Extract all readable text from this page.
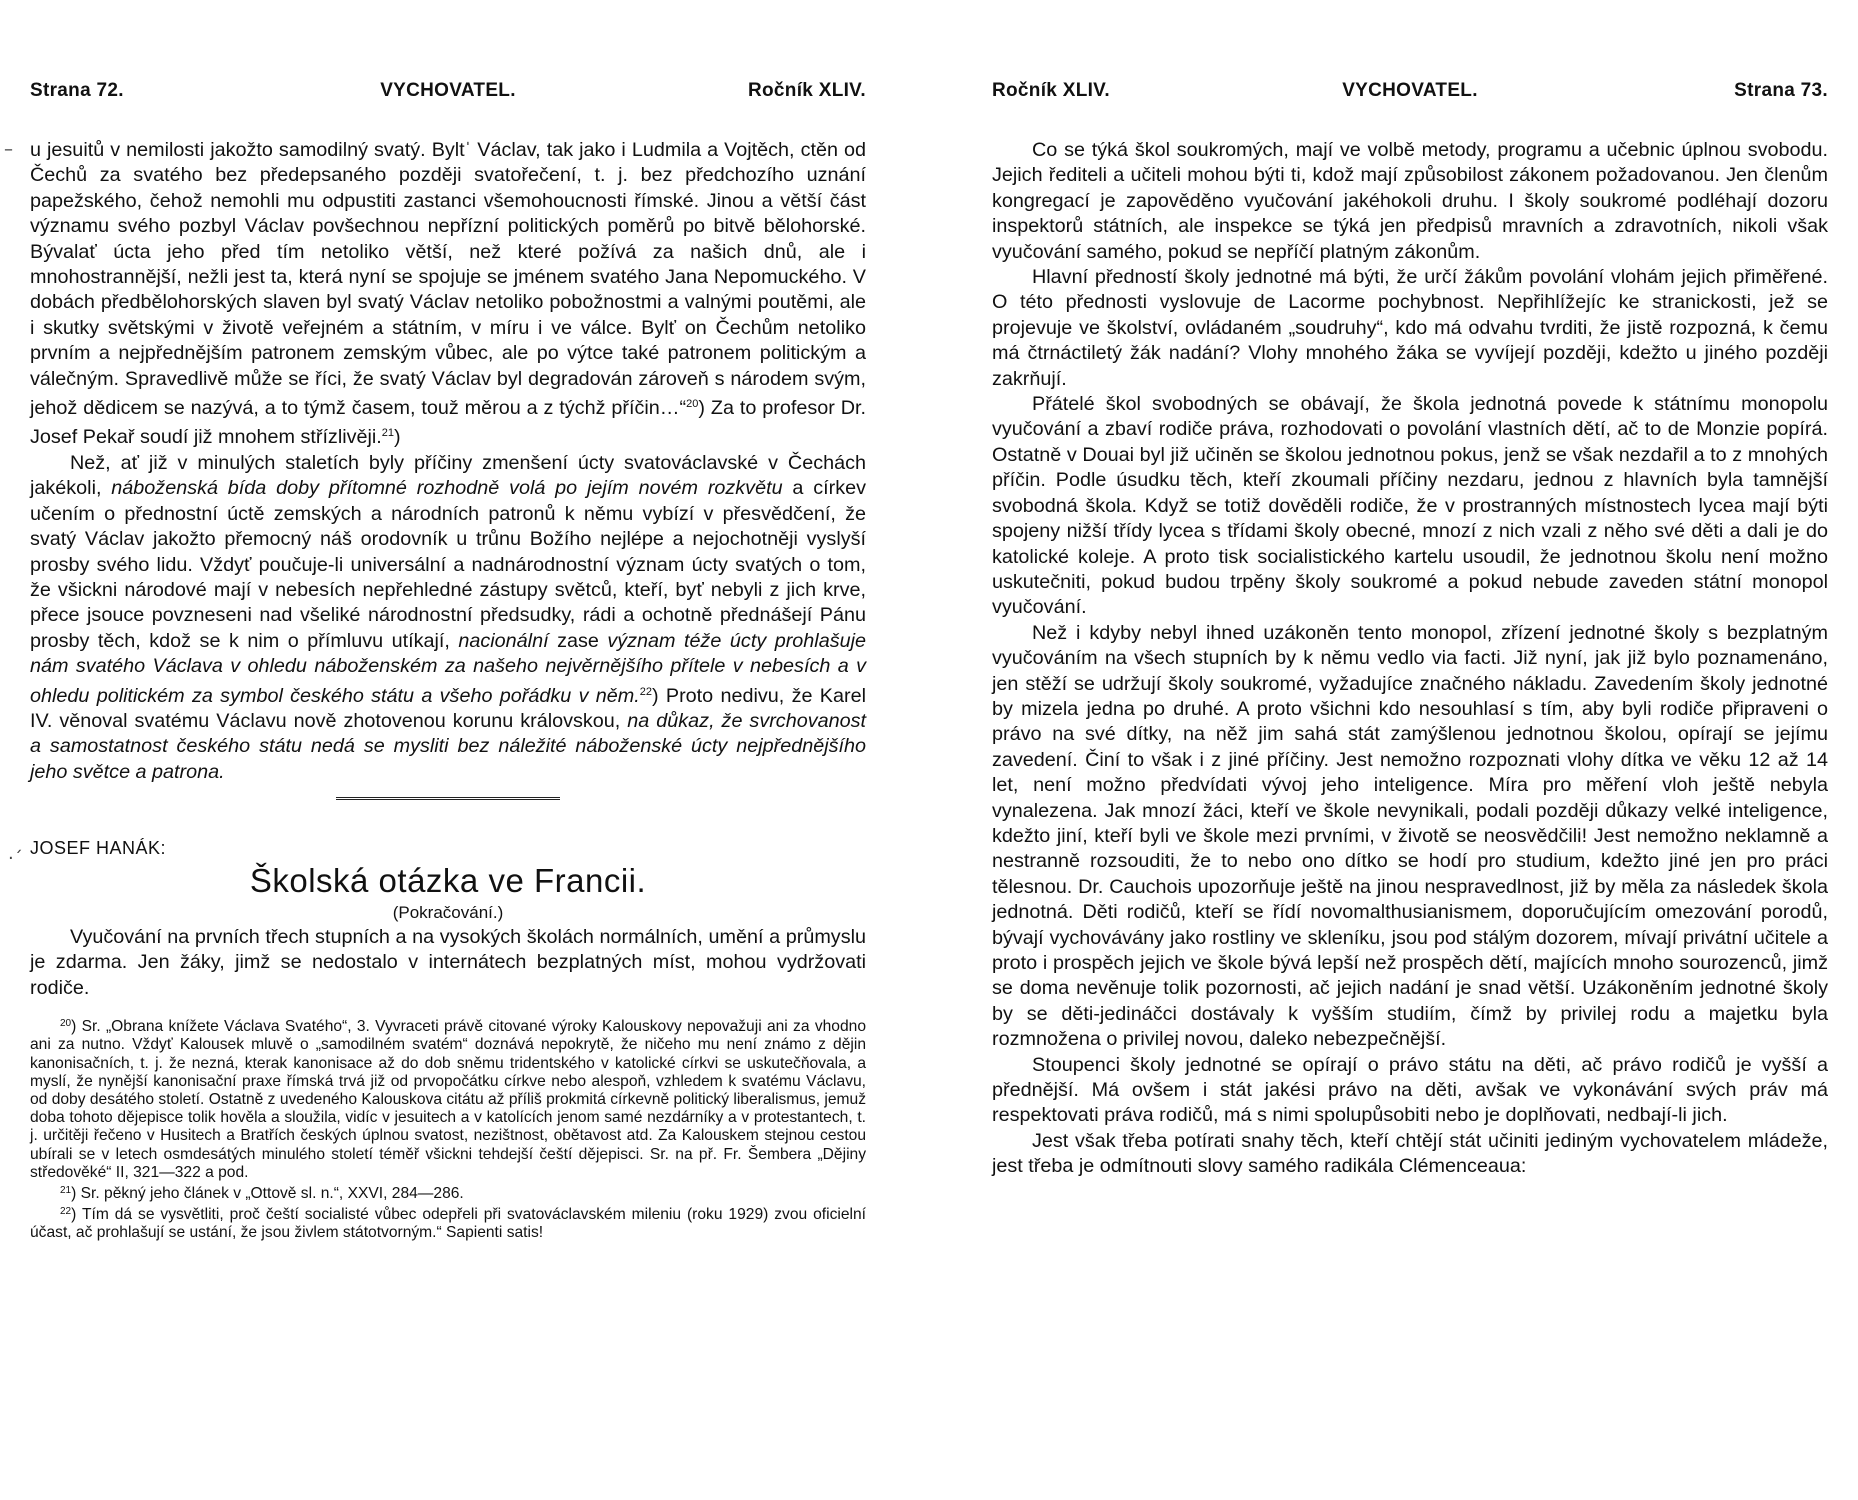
Strana 72.	VYCHOVATEL.	Ročník XLIV.
–
·´

u jesuitů v nemilosti jakožto samodilný svatý. Byltˈ Václav, tak jako i Ludmila a Vojtěch, ctěn od Čechů za svatého bez předepsaného později svatořečení, t. j. bez předchozího uznání papežského, čehož nemohli mu odpustiti zastanci všemohoucnosti římské. Jinou a větší část významu svého pozbyl Václav povšechnou nepřízní politických poměrů po bitvě bělohorské. Bývalať úcta jeho před tím netoliko větší, než které požívá za našich dnů, ale i mnohostrannější, nežli jest ta, která nyní se spojuje se jménem svatého Jana Nepomuckého. V dobách předbělohorských slaven byl svatý Václav netoliko pobožnostmi a valnými poutěmi, ale i skutky světskými v životě veřejném a státním, v míru i ve válce. Bylť on Čechům netoliko prvním a nejpřednějším patronem zemským vůbec, ale po výtce také patronem politickým a válečným. Spravedlivě může se říci, že svatý Václav byl degradován zároveň s národem svým, jehož dědicem se nazývá, a to týmž časem, touž měrou a z týchž příčin…“$^{20}$) Za to profesor Dr. Josef Pekař soudí již mnohem střízlivěji.$^{21}$)

Než, ať již v minulých staletích byly příčiny zmenšení úcty svatováclavské v Čechách jakékoli, náboženská bída doby přítomné rozhodně volá po jejím novém rozkvětu a církev učením o přednostní úctě zemských a národních patronů k němu vybízí v přesvědčení, že svatý Václav jakožto přemocný náš orodovník u trůnu Božího nejlépe a nejochotněji vyslyší prosby svého lidu. Vždyť poučuje-li universální a nadnárodnostní význam úcty svatých o tom, že všickni národové mají v nebesích nepřehledné zástupy světců, kteří, byť nebyli z jich krve, přece jsouce povzneseni nad všeliké národnostní předsudky, rádi a ochotně přednášejí Pánu prosby těch, kdož se k nim o přímluvu utíkají, nacionální zase význam téže úcty prohlašuje nám svatého Václava v ohledu náboženském za našeho nejvěrnějšího přítele v nebesích a v ohledu politickém za symbol českého státu a všeho pořádku v něm.$^{22}$) Proto nedivu, že Karel IV. věnoval svatému Václavu nově zhotovenou korunu královskou, na důkaz, že svrchovanost a samostatnost českého státu nedá se mysliti bez náležité náboženské úcty nejpřednějšího jeho světce a patrona.

JOSEF HANÁK:

Školská otázka ve Francii.

(Pokračování.)

Vyučování na prvních třech stupních a na vysokých školách normálních, umění a průmyslu je zdarma. Jen žáky, jimž se nedostalo v internátech bezplatných míst, mohou vydržovati rodiče.

$^{20}$) Sr. „Obrana knížete Václava Svatého“, 3. Vyvraceti právě citované výroky Kalouskovy nepovažuji ani za vhodno ani za nutno. Vždyť Kalousek mluvě o „samodilném svatém“ doznává nepokrytě, že ničeho mu není známo z dějin kanonisačních, t. j. že nezná, kterak kanonisace až do dob sněmu tridentského v katolické církvi se uskutečňovala, a myslí, že nynější kanonisační praxe římská trvá již od prvopočátku církve nebo alespoň, vzhledem k svatému Václavu, od doby desátého století. Ostatně z uvedeného Kalouskova citátu až příliš prokmitá církevně politický liberalismus, jemuž doba tohoto dějepisce tolik hověla a sloužila, vidíc v jesuitech a v katolících jenom samé nezdárníky a v protestantech, t. j. určitěji řečeno v Husitech a Bratřích českých úplnou svatost, nezištnost, obětavost atd. Za Kalouskem stejnou cestou ubírali se v letech osmdesátých minulého století téměř všickni tehdejší čeští dějepisci. Sr. na př. Fr. Šembera „Dějiny středověké“ II, 321—322 a pod.

$^{21}$) Sr. pěkný jeho článek v „Ottově sl. n.“, XXVI, 284—286.

$^{22}$) Tím dá se vysvětliti, proč čeští socialisté vůbec odepřeli při svatováclavském mileniu (roku 1929) zvou oficielní účast, ač prohlašují se ustání, že jsou živlem státotvorným.“ Sapienti satis!

Ročník XLIV.	VYCHOVATEL.	Strana 73.

Co se týká škol soukromých, mají ve volbě metody, programu a učebnic úplnou svobodu. Jejich řediteli a učiteli mohou býti ti, kdož mají způsobilost zákonem požadovanou. Jen členům kongregací je zapověděno vyučování jakéhokoli druhu. I školy soukromé podléhají dozoru inspektorů státních, ale inspekce se týká jen předpisů mravních a zdravotních, nikoli však vyučování samého, pokud se nepříčí platným zákonům.

Hlavní předností školy jednotné má býti, že určí žákům povolání vlohám jejich přiměřené. O této přednosti vyslovuje de Lacorme pochybnost. Nepřihlížejíc ke stranickosti, jež se projevuje ve školství, ovládaném „soudruhy“, kdo má odvahu tvrditi, že jistě rozpozná, k čemu má čtrnáctiletý žák nadání? Vlohy mnohého žáka se vyvíjejí později, kdežto u jiného později zakrňují.

Přátelé škol svobodných se obávají, že škola jednotná povede k státnímu monopolu vyučování a zbaví rodiče práva, rozhodovati o povolání vlastních dětí, ač to de Monzie popírá. Ostatně v Douai byl již učiněn se školou jednotnou pokus, jenž se však nezdařil a to z mnohých příčin. Podle úsudku těch, kteří zkoumali příčiny nezdaru, jednou z hlavních byla tamnější svobodná škola. Když se totiž dověděli rodiče, že v prostranných místnostech lycea mají býti spojeny nižší třídy lycea s třídami školy obecné, mnozí z nich vzali z něho své děti a dali je do katolické koleje. A proto tisk socialistického kartelu usoudil, že jednotnou školu není možno uskutečniti, pokud budou trpěny školy soukromé a pokud nebude zaveden státní monopol vyučování.

Než i kdyby nebyl ihned uzákoněn tento monopol, zřízení jednotné školy s bezplatným vyučováním na všech stupních by k němu vedlo via facti. Již nyní, jak již bylo poznamenáno, jen stěží se udržují školy soukromé, vyžadujíce značného nákladu. Zavedením školy jednotné by mizela jedna po druhé. A proto všichni kdo nesouhlasí s tím, aby byli rodiče připraveni o právo na své dítky, na něž jim sahá stát zamýšlenou jednotnou školou, opírají se jejímu zavedení. Činí to však i z jiné příčiny. Jest nemožno rozpoznati vlohy dítka ve věku 12 až 14 let, není možno předvídati vývoj jeho inteligence. Míra pro měření vloh ještě nebyla vynalezena. Jak mnozí žáci, kteří ve škole nevynikali, podali později důkazy velké inteligence, kdežto jiní, kteří byli ve škole mezi prvními, v životě se neosvědčili! Jest nemožno neklamně a nestranně rozsouditi, že to nebo ono dítko se hodí pro studium, kdežto jiné jen pro práci tělesnou. Dr. Cauchois upozorňuje ještě na jinou nespravedlnost, již by měla za následek škola jednotná. Děti rodičů, kteří se řídí novomalthusianismem, doporučujícím omezování porodů, bývají vychovávány jako rostliny ve skleníku, jsou pod stálým dozorem, mívají privátní učitele a proto i prospěch jejich ve škole bývá lepší než prospěch dětí, majících mnoho sourozenců, jimž se doma nevěnuje tolik pozornosti, ač jejich nadání je snad větší. Uzákoněním jednotné školy by se děti-jedináčci dostávaly k vyšším studiím, čímž by privilej rodu a majetku byla rozmnožena o privilej novou, daleko nebezpečnější.

Stoupenci školy jednotné se opírají o právo státu na děti, ač právo rodičů je vyšší a přednější. Má ovšem i stát jakési právo na děti, avšak ve vykonávání svých práv má respektovati práva rodičů, má s nimi spolupůsobiti nebo je doplňovati, nedbají-li jich.

Jest však třeba potírati snahy těch, kteří chtějí stát učiniti jediným vychovatelem mládeže, jest třeba je odmítnouti slovy samého radikála Clémenceaua:
